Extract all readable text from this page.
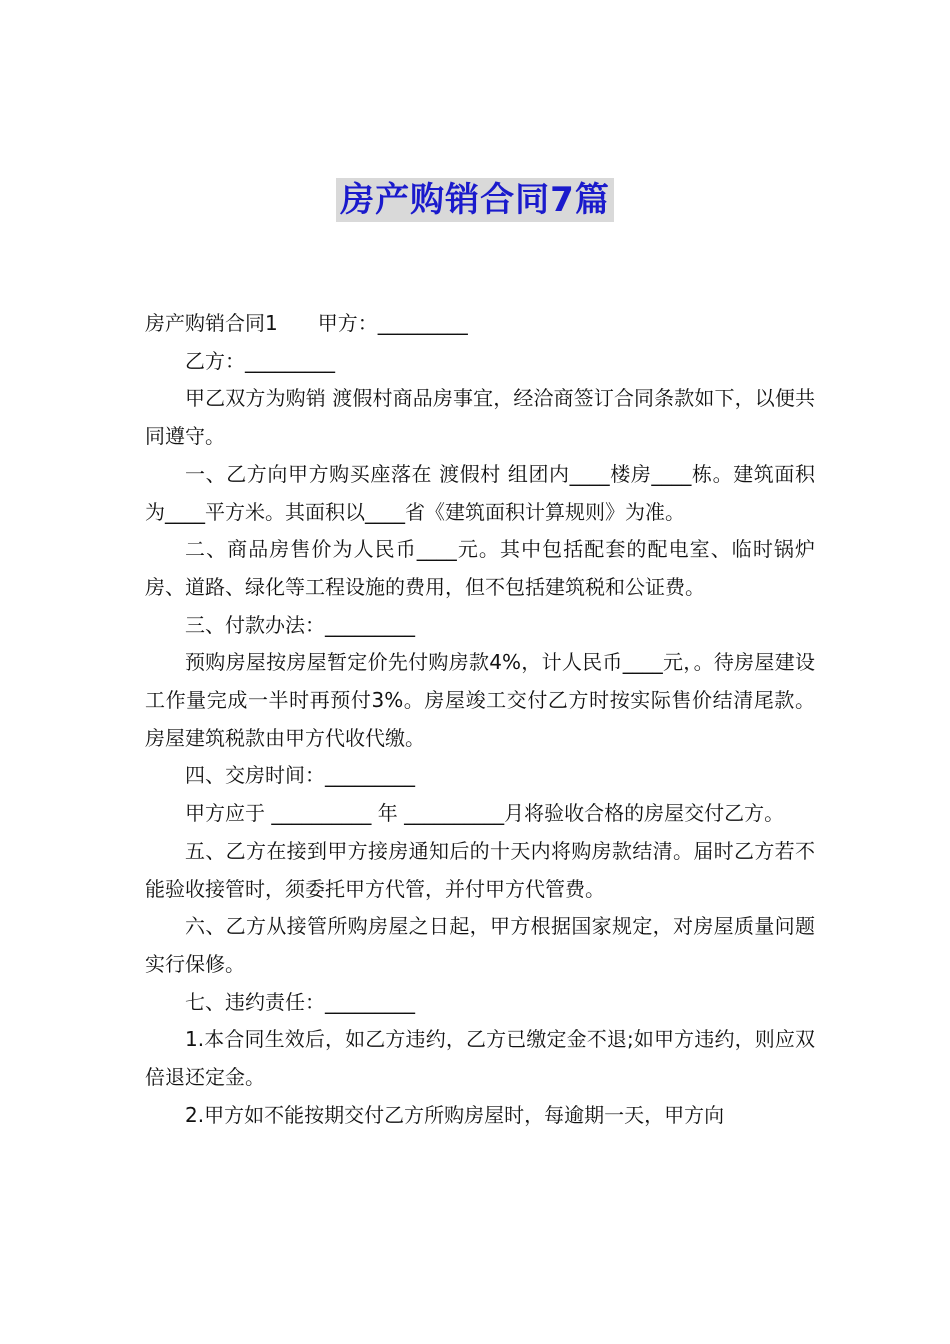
房产购销合同7篇

房产购销合同1 甲方：_________

乙方：_________

甲乙双方为购销 渡假村商品房事宜，经洽商签订合同条款如下，以便共同遵守。

一、乙方向甲方购买座落在 渡假村 组团内____楼房____栋。建筑面积为____平方米。其面积以____省《建筑面积计算规则》为准。

二、商品房售价为人民币____元。其中包括配套的配电室、临时锅炉房、道路、绿化等工程设施的费用，但不包括建筑税和公证费。

三、付款办法：_________

预购房屋按房屋暂定价先付购房款4%，计人民币____元，。待房屋建设工作量完成一半时再预付3%。房屋竣工交付乙方时按实际售价结清尾款。房屋建筑税款由甲方代收代缴。

四、交房时间：_________

甲方应于 __________ 年 __________月将验收合格的房屋交付乙方。

五、乙方在接到甲方接房通知后的十天内将购房款结清。届时乙方若不能验收接管时，须委托甲方代管，并付甲方代管费。

六、乙方从接管所购房屋之日起，甲方根据国家规定，对房屋质量问题实行保修。

七、违约责任：_________

1.本合同生效后，如乙方违约，乙方已缴定金不退;如甲方违约，则应双倍退还定金。

2.甲方如不能按期交付乙方所购房屋时，每逾期一天，甲方向
